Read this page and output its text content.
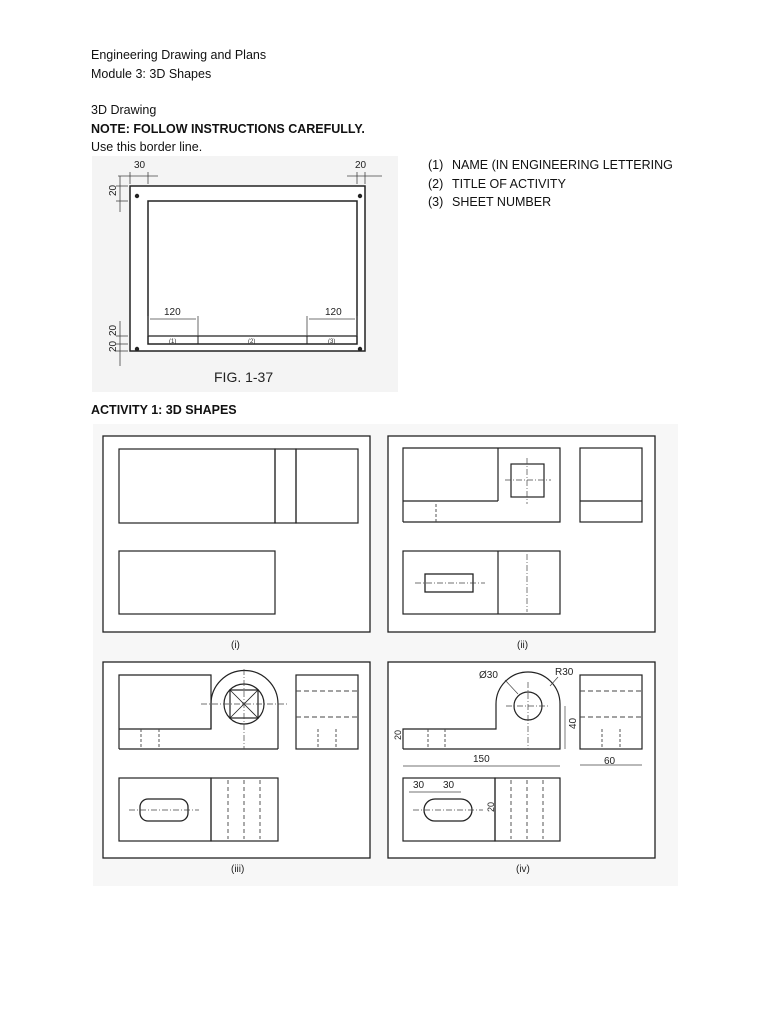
Engineering Drawing and Plans
Module 3: 3D Shapes
3D Drawing
NOTE: FOLLOW INSTRUCTIONS CAREFULLY.
Use this border line.
30	20
20
20
20
120	120
(1)	(2)	(3)
FIG. 1-37
(1) NAME (IN ENGINEERING LETTERING
(2) TITLE OF ACTIVITY
(3) SHEET NUMBER
ACTIVITY 1: 3D SHAPES
(i)	(ii)
(iii)
Ø30	R30
20
40
150	60
30 30
20
(iv)
